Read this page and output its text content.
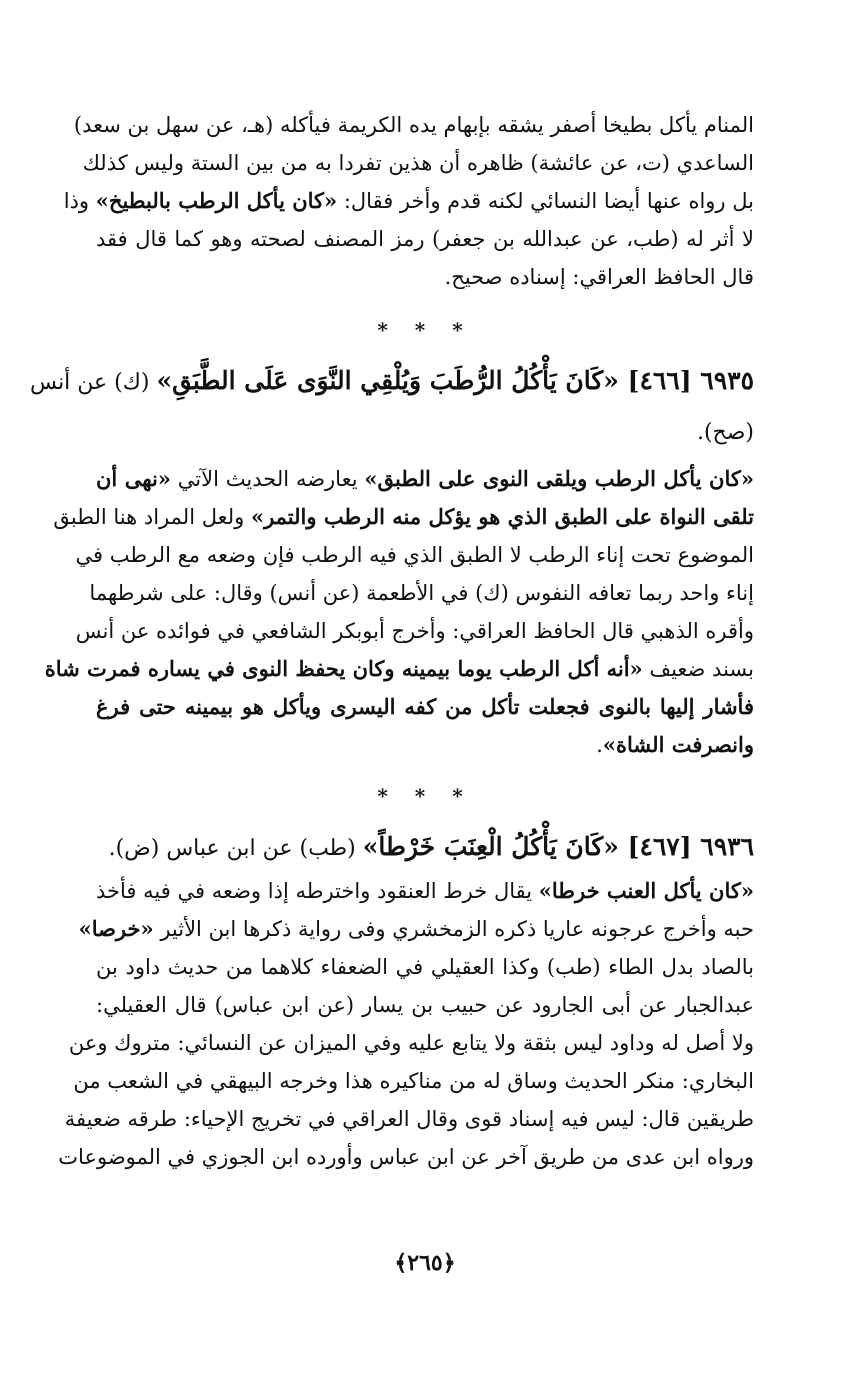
المنام يأكل بطيخا أصفر يشقه بإبهام يده الكريمة فيأكله (هـ، عن سهل بن سعد)
الساعدي (ت، عن عائشة) ظاهره أن هذين تفردا به من بين الستة وليس كذلك
بل رواه عنها أيضا النسائي لكنه قدم وأخر فقال: «كان يأكل الرطب بالبطيخ» وذا
لا أثر له (طب، عن عبدالله بن جعفر) رمز المصنف لصحته وهو كما قال فقد
قال الحافظ العراقي: إسناده صحيح.
* * *
٦٩٣٥ [٤٦٦] «كَانَ يَأْكُلُ الرُّطَبَ وَيُلْقِي النَّوَى عَلَى الطَّبَقِ» (ك) عن أنس
(صح).
«كان يأكل الرطب ويلقى النوى على الطبق» يعارضه الحديث الآتي «نهى أن
تلقى النواة على الطبق الذي هو يؤكل منه الرطب والتمر» ولعل المراد هنا الطبق
الموضوع تحت إناء الرطب لا الطبق الذي فيه الرطب فإن وضعه مع الرطب في
إناء واحد ربما تعافه النفوس (ك) في الأطعمة (عن أنس) وقال: على شرطهما
وأقره الذهبي قال الحافظ العراقي: وأخرج أبوبكر الشافعي في فوائده عن أنس
بسند ضعيف «أنه أكل الرطب يوما بيمينه وكان يحفظ النوى في يساره فمرت شاة
فأشار إليها بالنوى فجعلت تأكل من كفه اليسرى ويأكل هو بيمينه حتى فرغ
وانصرفت الشاة».
* * *
٦٩٣٦ [٤٦٧] «كَانَ يَأْكُلُ الْعِنَبَ خَرْطاً» (طب) عن ابن عباس (ض).
«كان يأكل العنب خرطا» يقال خرط العنقود واخترطه إذا وضعه في فيه فأخذ
حبه وأخرج عرجونه عاريا ذكره الزمخشري وفى رواية ذكرها ابن الأثير «خرصا»
بالصاد بدل الطاء (طب) وكذا العقيلي في الضعفاء كلاهما من حديث داود بن
عبدالجبار عن أبى الجارود عن حبيب بن يسار (عن ابن عباس) قال العقيلي:
ولا أصل له وداود ليس بثقة ولا يتابع عليه وفي الميزان عن النسائي: متروك وعن
البخاري: منكر الحديث وساق له من مناكيره هذا وخرجه البيهقي في الشعب من
طريقين قال: ليس فيه إسناد قوى وقال العراقي في تخريج الإحياء: طرقه ضعيفة
ورواه ابن عدى من طريق آخر عن ابن عباس وأورده ابن الجوزي في الموضوعات
﴿٢٦٥﴾
